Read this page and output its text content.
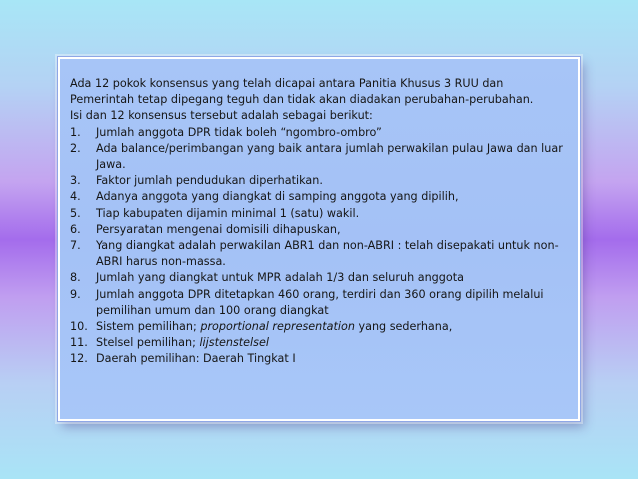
Ada 12 pokok konsensus yang telah dicapai antara Panitia Khusus 3 RUU dan

Pemerintah tetap dipegang teguh dan tidak akan diadakan perubahan-perubahan.

Isi dan 12 konsensus tersebut adalah sebagai berikut:

1.	Jumlah anggota DPR tidak boleh “ngombro-ombro”
2.	Ada balance/perimbangan yang baik antara jumlah perwakilan pulau Jawa dan luar Jawa.
3.	Faktor jumlah pendudukan diperhatikan.
4.	Adanya anggota yang diangkat di samping anggota yang dipilih,
5.	Tiap kabupaten dijamin minimal 1 (satu) wakil.
6.	Persyaratan mengenai domisili dihapuskan,
7.	Yang diangkat adalah perwakilan ABR1 dan non-ABRI : telah disepakati untuk non-ABRI harus non-massa.
8.	Jumlah yang diangkat untuk MPR adalah 1/3 dan seluruh anggota
9.	Jumlah anggota DPR ditetapkan 460 orang, terdiri dan 360 orang dipilih melalui pemilihan umum dan 100 orang diangkat
10. Sistem pemilihan; proportional representation yang sederhana,
11. Stelsel pemilihan; lijstenstelsel
12. Daerah pemilihan: Daerah Tingkat I
